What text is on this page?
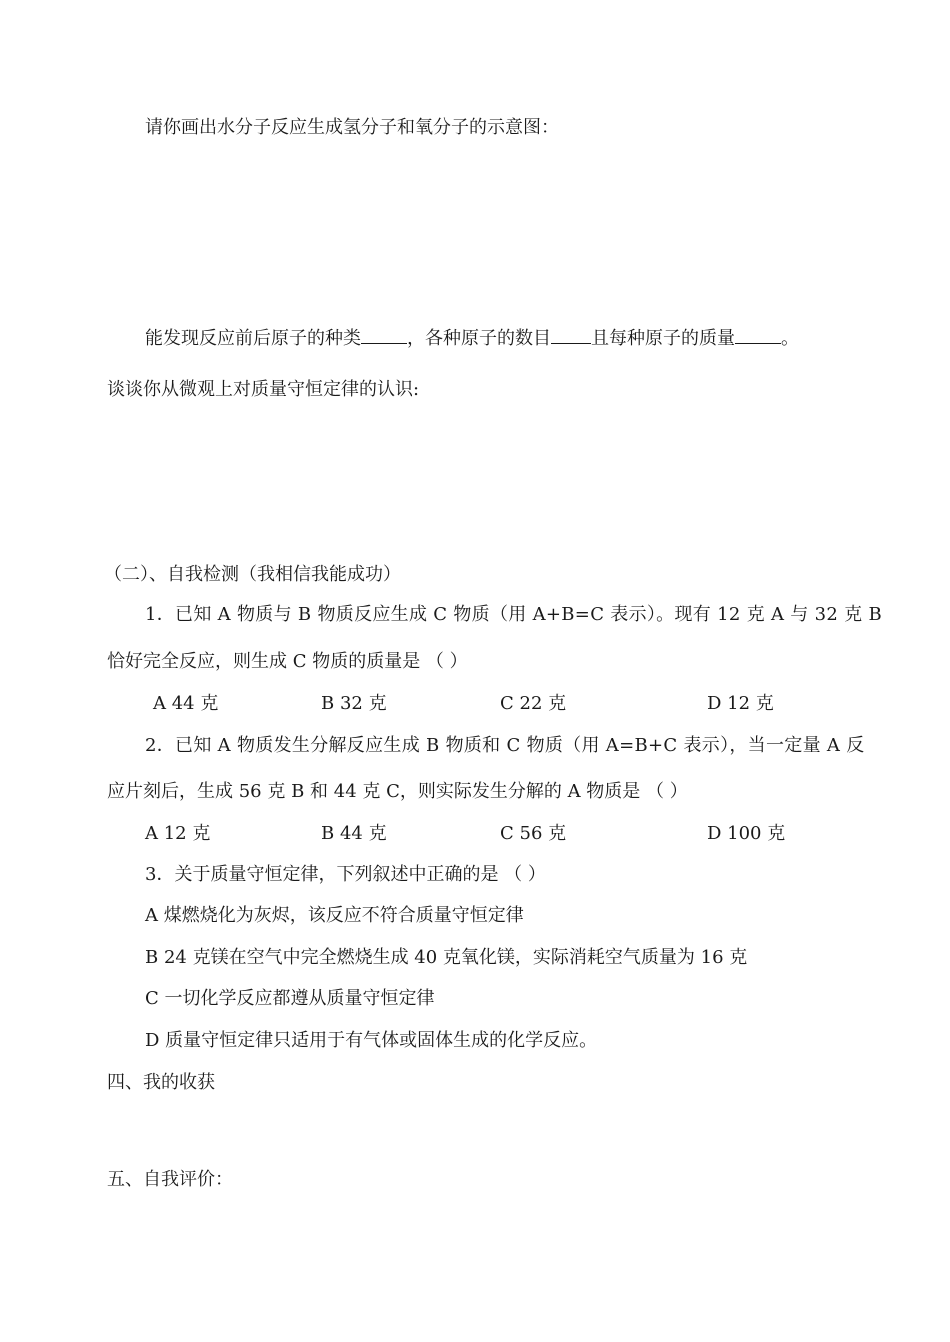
请你画出水分子反应生成氢分子和氧分子的示意图：
能发现反应前后原子的种类	，各种原子的数目 且每种原子的质量	。
谈谈你从微观上对质量守恒定律的认识:
（二）、自我检测（我相信我能成功）
1．已知 A 物质与 B 物质反应生成 C 物质（用 A+B=C 表示）。现有 12 克 A 与 32 克 B
恰好完全反应，则生成 C 物质的质量是 （ ）
A 44 克	B 32 克	C 22 克	D 12 克
2．已知 A 物质发生分解反应生成 B 物质和 C 物质（用 A=B+C 表示），当一定量 A 反
应片刻后，生成 56 克 B 和 44 克 C，则实际发生分解的 A 物质是 （ ）
A 12 克	B 44 克	C 56 克	D 100 克
3．关于质量守恒定律，下列叙述中正确的是 （ ）
A 煤燃烧化为灰烬，该反应不符合质量守恒定律
B 24 克镁在空气中完全燃烧生成 40 克氧化镁，实际消耗空气质量为 16 克
C 一切化学反应都遵从质量守恒定律
D 质量守恒定律只适用于有气体或固体生成的化学反应。
四、我的收获
五、自我评价：
